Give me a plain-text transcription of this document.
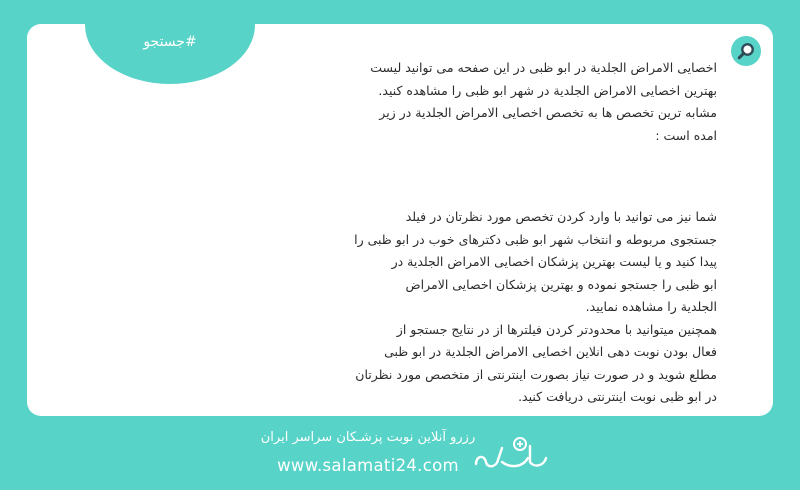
#جستجو

اخصایی الامراض الجلدیة در ابو ظبی در این صفحه می توانید لیست

بهترین اخصایی الامراض الجلدیة در شهر ابو ظبی را مشاهده کنید.

مشابه ترین تخصص ها به تخصص اخصایی الامراض الجلدیة در زیر

امده است :

شما نیز می توانید با وارد کردن تخصص مورد نظرتان در فیلد

جستجوی مربوطه و انتخاب شهر ابو ظبی دکترهای خوب در ابو ظبی را

پیدا کنید و یا لیست بهترین پزشکان اخصایی الامراض الجلدیة در

ابو ظبی را جستجو نموده و بهترین پزشکان اخصایی الامراض

الجلدیة را مشاهده نمایید.

همچنین میتوانید با محدودتر کردن فیلترها از در نتایج جستجو از

فعال بودن نوبت دهی انلاین اخصایی الامراض الجلدیة در ابو ظبی

مطلع شوید و در صورت نیاز بصورت اینترنتی از متخصص مورد نظرتان

در ابو ظبی نوبت اینترنتی دریافت کنید.

رزرو آنلاین نوبت پزشـکان سراسر ایران
www.salamati24.com
